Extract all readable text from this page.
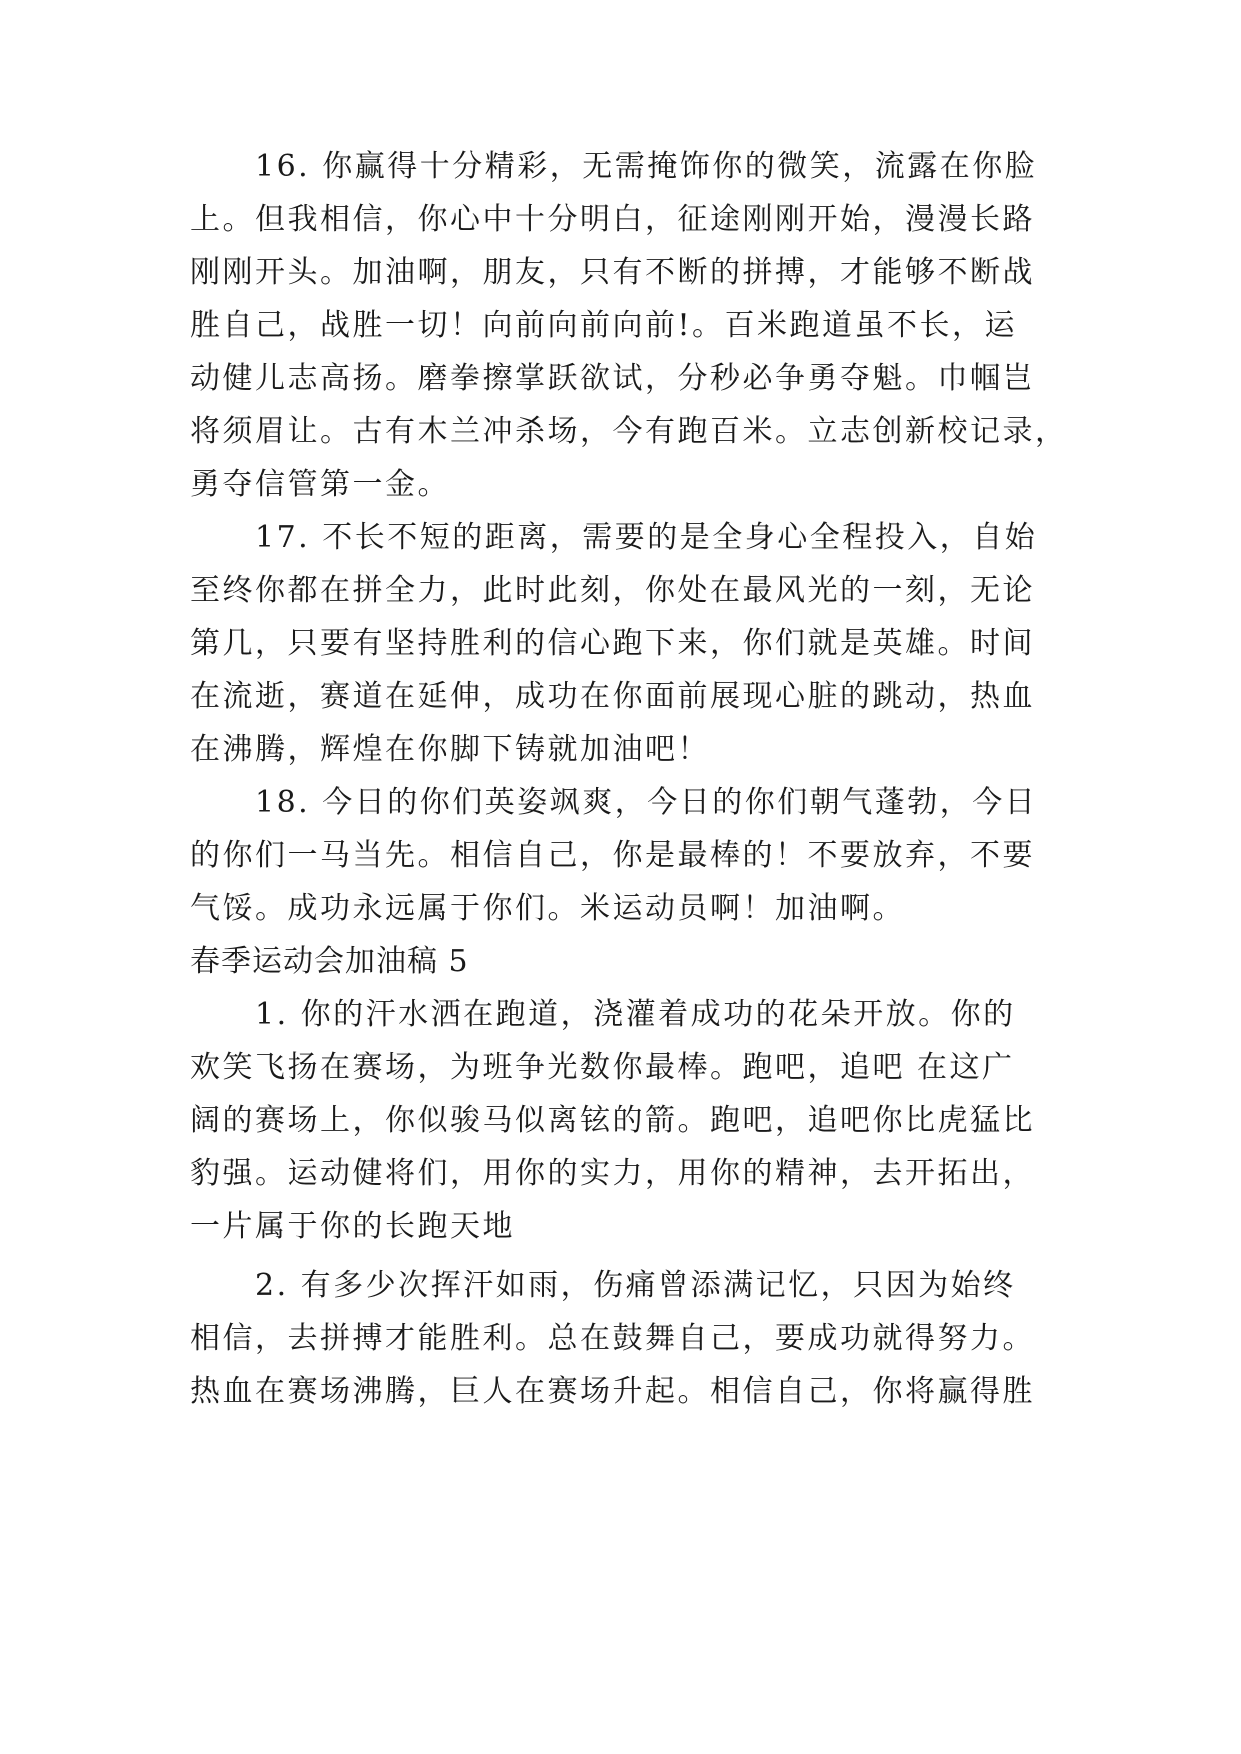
　　16. 你赢得十分精彩，无需掩饰你的微笑，流露在你脸
上。但我相信，你心中十分明白，征途刚刚开始，漫漫长路
刚刚开头。加油啊，朋友，只有不断的拼搏，才能够不断战
胜自己，战胜一切！向前向前向前!。百米跑道虽不长，运
动健儿志高扬。磨拳擦掌跃欲试，分秒必争勇夺魁。巾帼岂
将须眉让。古有木兰冲杀场，今有跑百米。立志创新校记录，
勇夺信管第一金。
　　17. 不长不短的距离，需要的是全身心全程投入，自始
至终你都在拼全力，此时此刻，你处在最风光的一刻，无论
第几，只要有坚持胜利的信心跑下来，你们就是英雄。时间
在流逝，赛道在延伸，成功在你面前展现心脏的跳动，热血
在沸腾，辉煌在你脚下铸就加油吧！
　　18. 今日的你们英姿飒爽，今日的你们朝气蓬勃，今日
的你们一马当先。相信自己，你是最棒的！不要放弃，不要
气馁。成功永远属于你们。米运动员啊！加油啊。
春季运动会加油稿 5
　　1. 你的汗水洒在跑道，浇灌着成功的花朵开放。你的
欢笑飞扬在赛场，为班争光数你最棒。跑吧，追吧 在这广
阔的赛场上，你似骏马似离铉的箭。跑吧，追吧你比虎猛比
豹强。运动健将们，用你的实力，用你的精神，去开拓出，
一片属于你的长跑天地
　　2. 有多少次挥汗如雨，伤痛曾添满记忆，只因为始终
相信，去拼搏才能胜利。总在鼓舞自己，要成功就得努力。
热血在赛场沸腾，巨人在赛场升起。相信自己，你将赢得胜
